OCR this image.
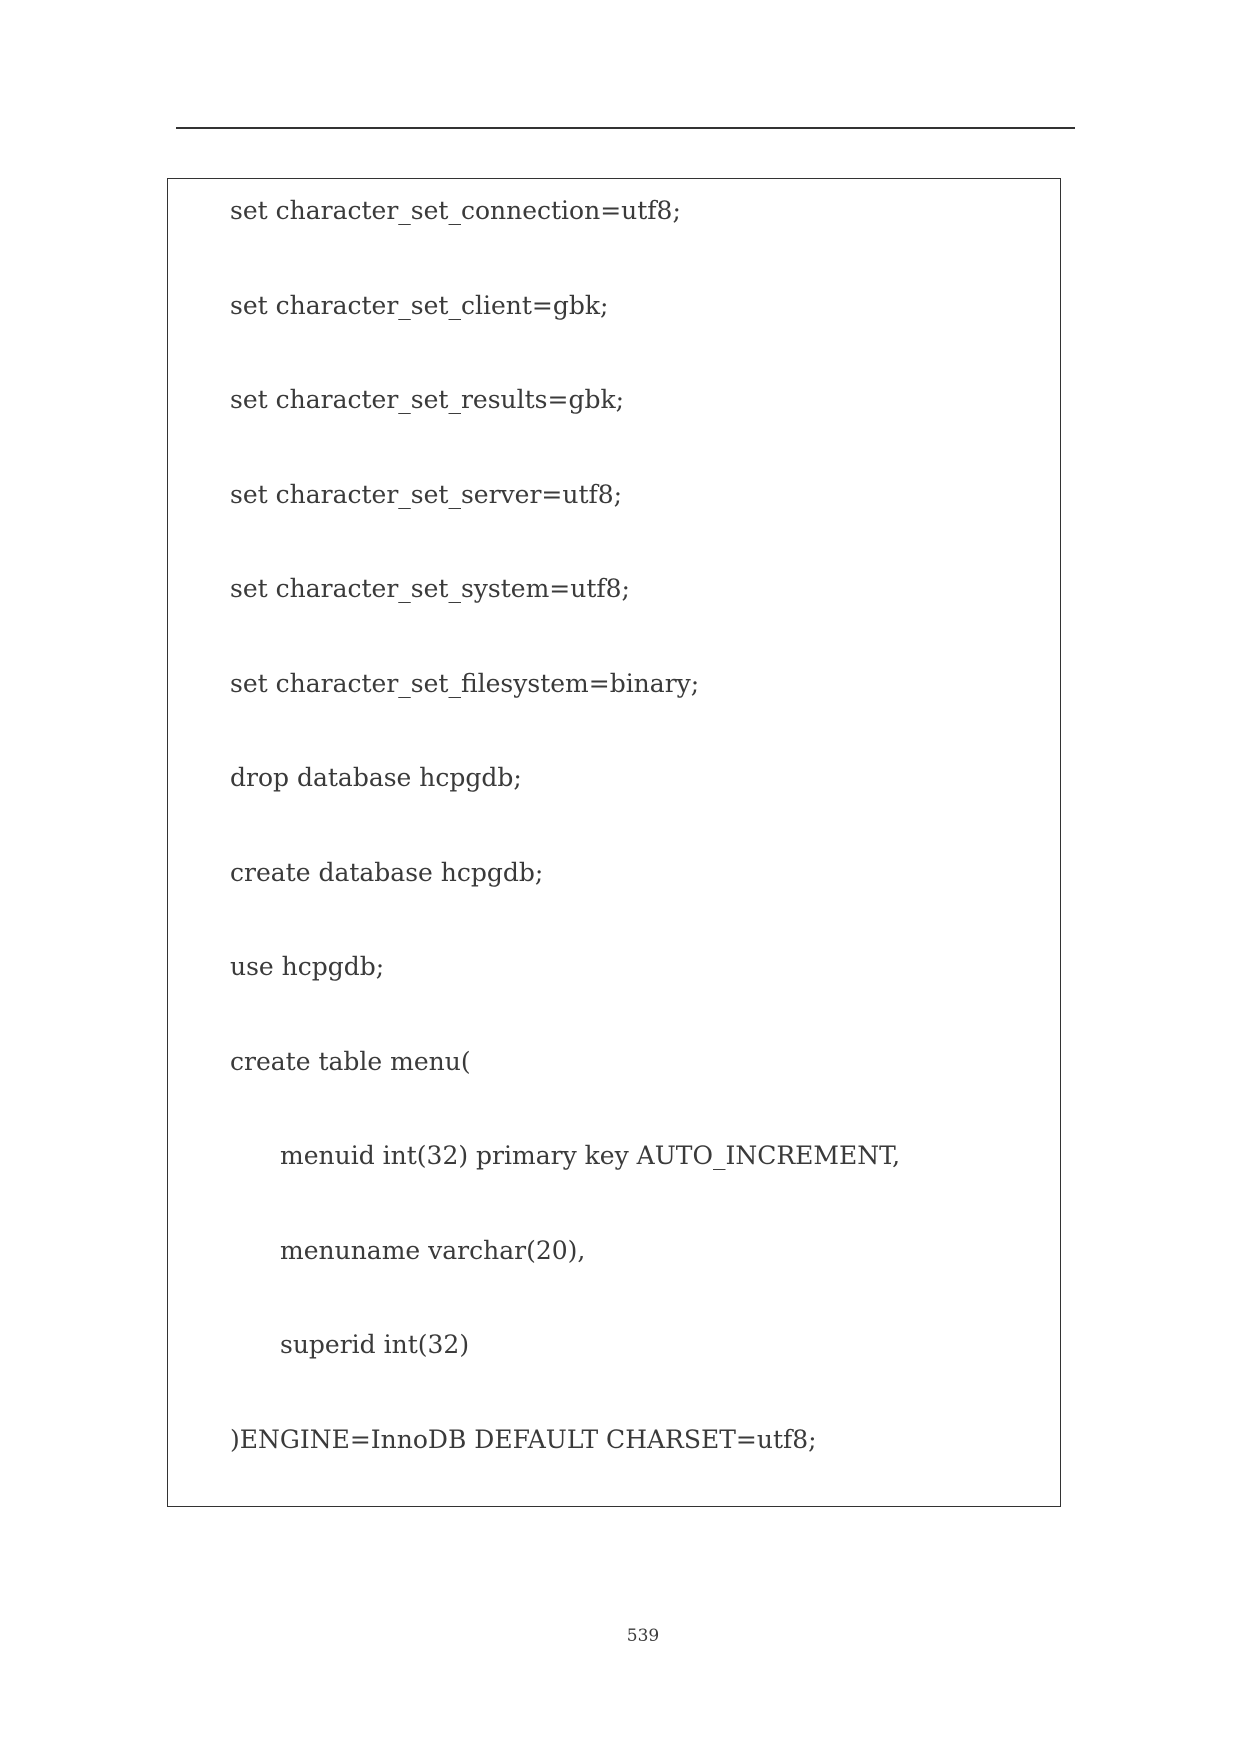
set character_set_connection=utf8;
set character_set_client=gbk;
set character_set_results=gbk;
set character_set_server=utf8;
set character_set_system=utf8;
set character_set_filesystem=binary;
drop database hcpgdb;
create database hcpgdb;
use hcpgdb;
create table menu(
menuid int(32) primary key AUTO_INCREMENT,
menuname varchar(20),
superid int(32)
)ENGINE=InnoDB DEFAULT CHARSET=utf8;
539
